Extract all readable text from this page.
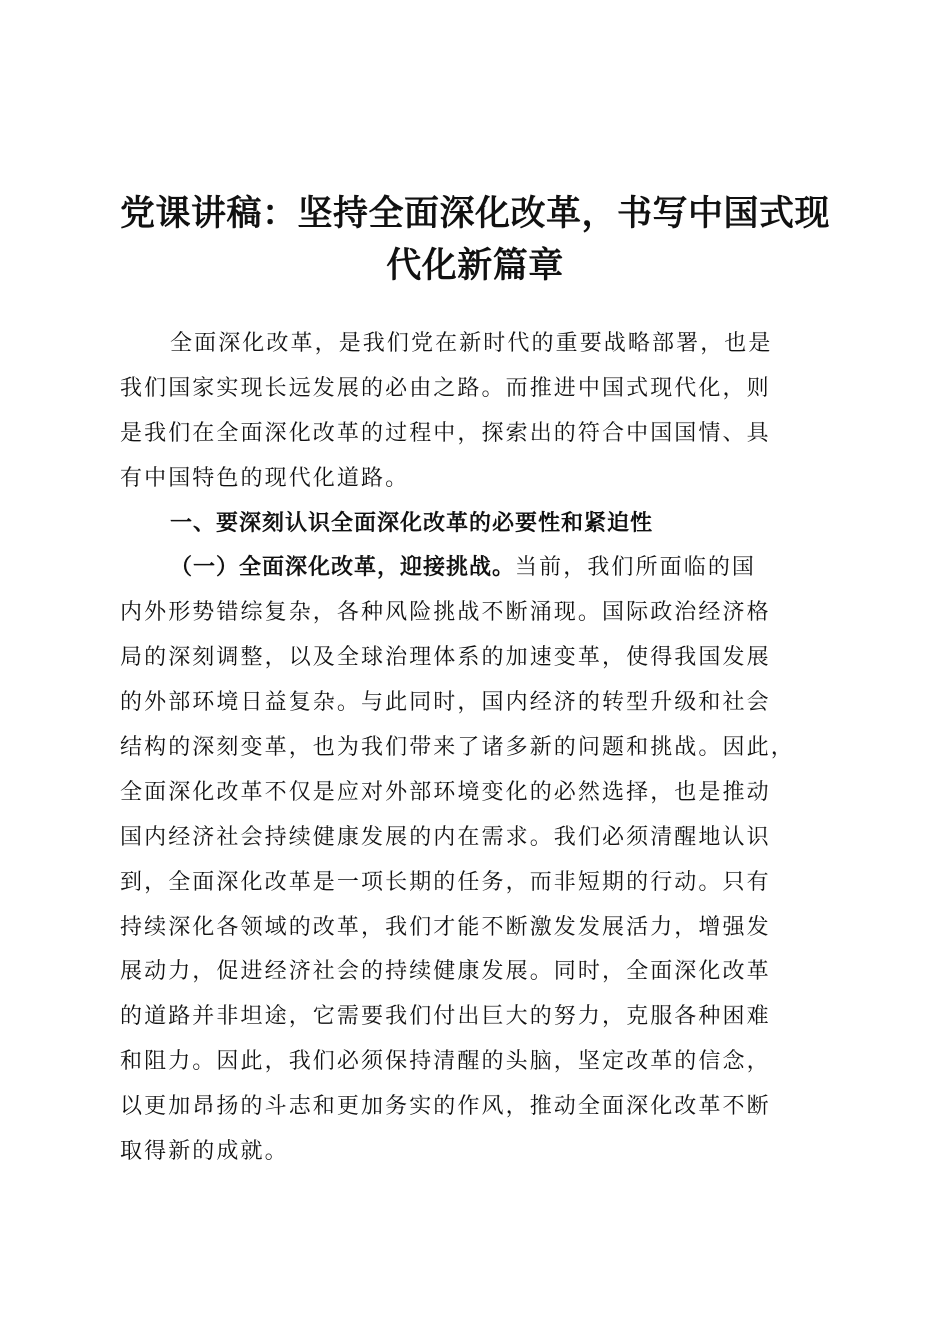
党课讲稿：坚持全面深化改革，书写中国式现
代化新篇章
全面深化改革，是我们党在新时代的重要战略部署，也是
我们国家实现长远发展的必由之路。而推进中国式现代化，则
是我们在全面深化改革的过程中，探索出的符合中国国情、具
有中国特色的现代化道路。
一、要深刻认识全面深化改革的必要性和紧迫性
（一）全面深化改革，迎接挑战。当前，我们所面临的国
内外形势错综复杂，各种风险挑战不断涌现。国际政治经济格
局的深刻调整，以及全球治理体系的加速变革，使得我国发展
的外部环境日益复杂。与此同时，国内经济的转型升级和社会
结构的深刻变革，也为我们带来了诸多新的问题和挑战。因此，
全面深化改革不仅是应对外部环境变化的必然选择，也是推动
国内经济社会持续健康发展的内在需求。我们必须清醒地认识
到，全面深化改革是一项长期的任务，而非短期的行动。只有
持续深化各领域的改革，我们才能不断激发发展活力，增强发
展动力，促进经济社会的持续健康发展。同时，全面深化改革
的道路并非坦途，它需要我们付出巨大的努力，克服各种困难
和阻力。因此，我们必须保持清醒的头脑，坚定改革的信念，
以更加昂扬的斗志和更加务实的作风，推动全面深化改革不断
取得新的成就。
